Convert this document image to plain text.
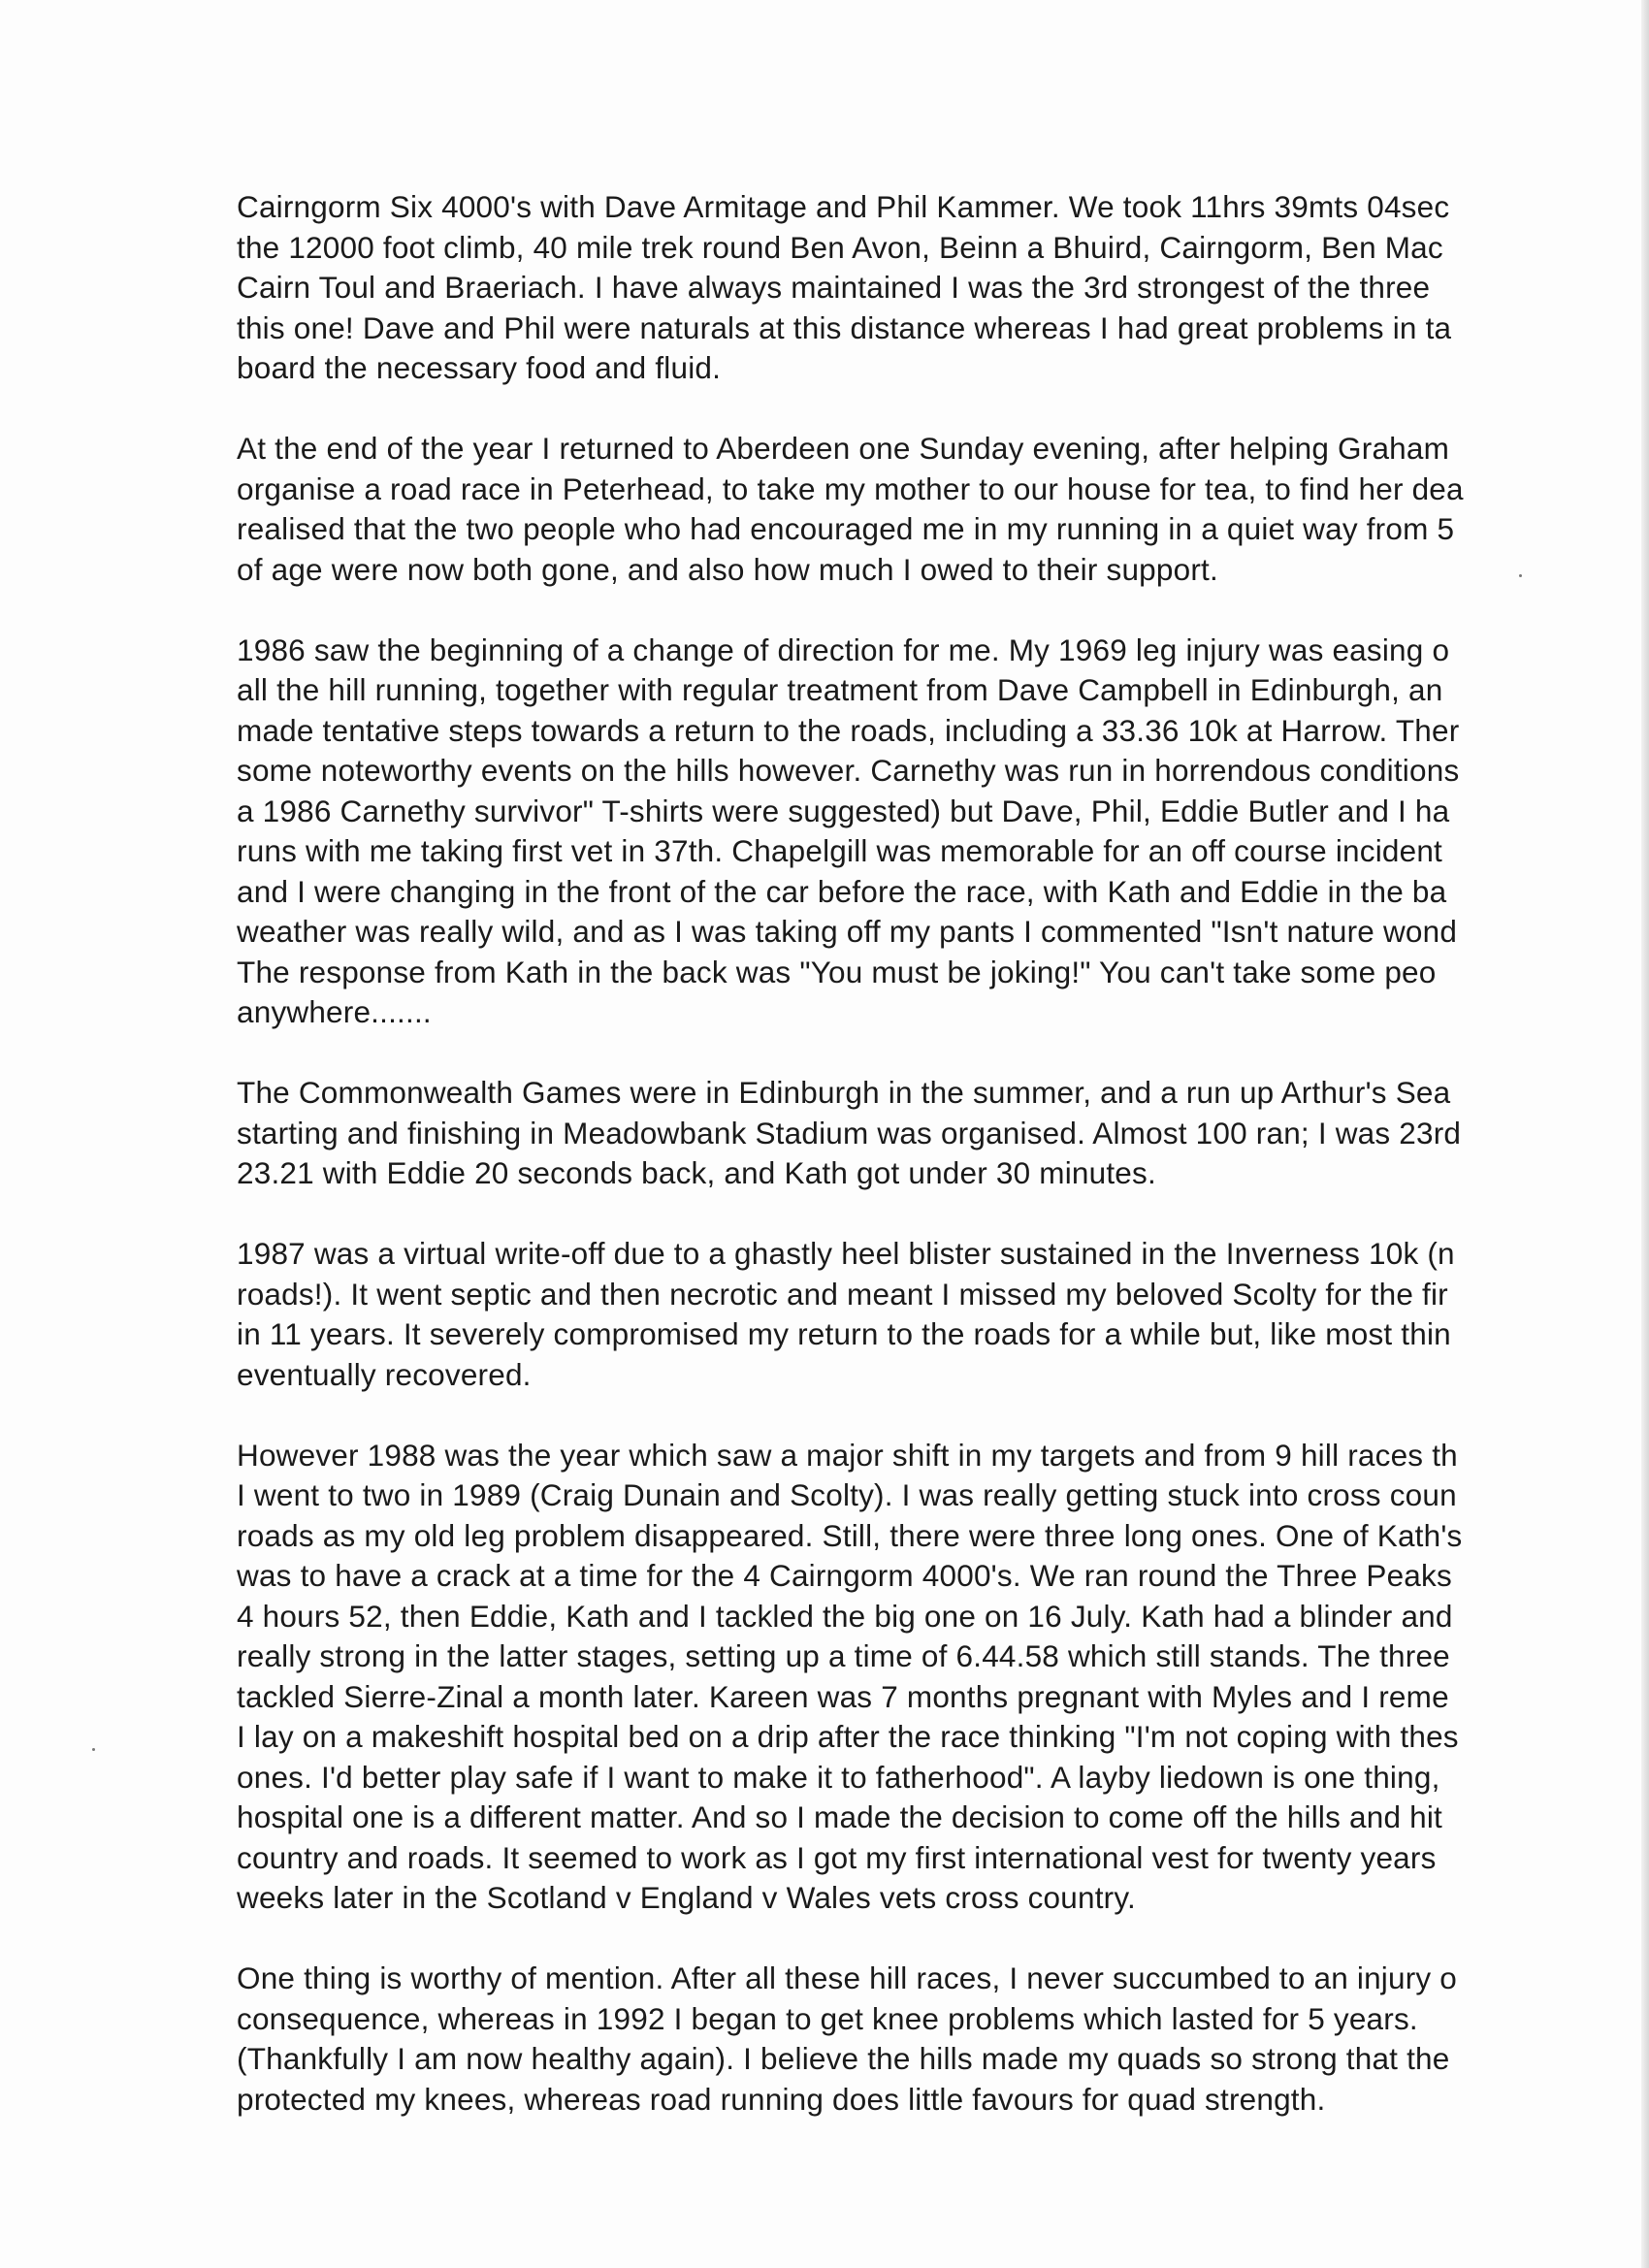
Cairngorm Six 4000's with Dave Armitage and Phil Kammer. We took 11hrs 39mts 04sec
the 12000 foot climb, 40 mile trek round Ben Avon, Beinn a Bhuird, Cairngorm, Ben Mac
Cairn Toul and Braeriach. I have always maintained I was the 3rd strongest of the three
this one! Dave and Phil were naturals at this distance whereas I had great problems in ta
board the necessary food and fluid.
At the end of the year I returned to Aberdeen one Sunday evening, after helping Graham
organise a road race in Peterhead, to take my mother to our house for tea, to find her dea
realised that the two people who had encouraged me in my running in a quiet way from 5
of age were now both gone, and also how much I owed to their support.
1986 saw the beginning of a change of direction for me. My 1969 leg injury was easing o
all the hill running, together with regular treatment from Dave Campbell in Edinburgh, an
made tentative steps towards a return to the roads, including a 33.36 10k at Harrow. Ther
some noteworthy events on the hills however. Carnethy was run in horrendous conditions
a 1986 Carnethy survivor" T-shirts were suggested) but Dave, Phil, Eddie Butler and I ha
runs with me taking first vet in 37th. Chapelgill was memorable for an off course incident
and I were changing in the front of the car before the race, with Kath and Eddie in the ba
weather was really wild, and as I was taking off my pants I commented "Isn't nature wond
The response from Kath in the back was "You must be joking!" You can't take some peo
anywhere.......
The Commonwealth Games were in Edinburgh in the summer, and a run up Arthur's Sea
starting and finishing in Meadowbank Stadium was organised. Almost 100 ran; I was 23rd
23.21 with Eddie 20 seconds back, and Kath got under 30 minutes.
1987 was a virtual write-off due to a ghastly heel blister sustained in the Inverness 10k (n
roads!). It went septic and then necrotic and meant I missed my beloved Scolty for the fir
in 11 years. It severely compromised my return to the roads for a while but, like most thin
eventually recovered.
However 1988 was the year which saw a major shift in my targets and from 9 hill races th
I went to two in 1989 (Craig Dunain and Scolty). I was really getting stuck into cross coun
roads as my old leg problem disappeared. Still, there were three long ones. One of Kath's
was to have a crack at a time for the 4 Cairngorm 4000's. We ran round the Three Peaks
4 hours 52, then Eddie, Kath and I tackled the big one on 16 July. Kath had a blinder and
really strong in the latter stages, setting up a time of 6.44.58 which still stands. The three
tackled Sierre-Zinal a month later. Kareen was 7 months pregnant with Myles and I reme
I lay on a makeshift hospital bed on a drip after the race thinking "I'm not coping with thes
ones. I'd better play safe if I want to make it to fatherhood". A layby liedown is one thing,
hospital one is a different matter. And so I made the decision to come off the hills and hit
country and roads. It seemed to work as I got my first international vest for twenty years
weeks later in the Scotland v England v Wales vets cross country.
One thing is worthy of mention. After all these hill races, I never succumbed to an injury o
consequence, whereas in 1992 I began to get knee problems which lasted for 5 years.
(Thankfully I am now healthy again). I believe the hills made my quads so strong that the
protected my knees, whereas road running does little favours for quad strength.
